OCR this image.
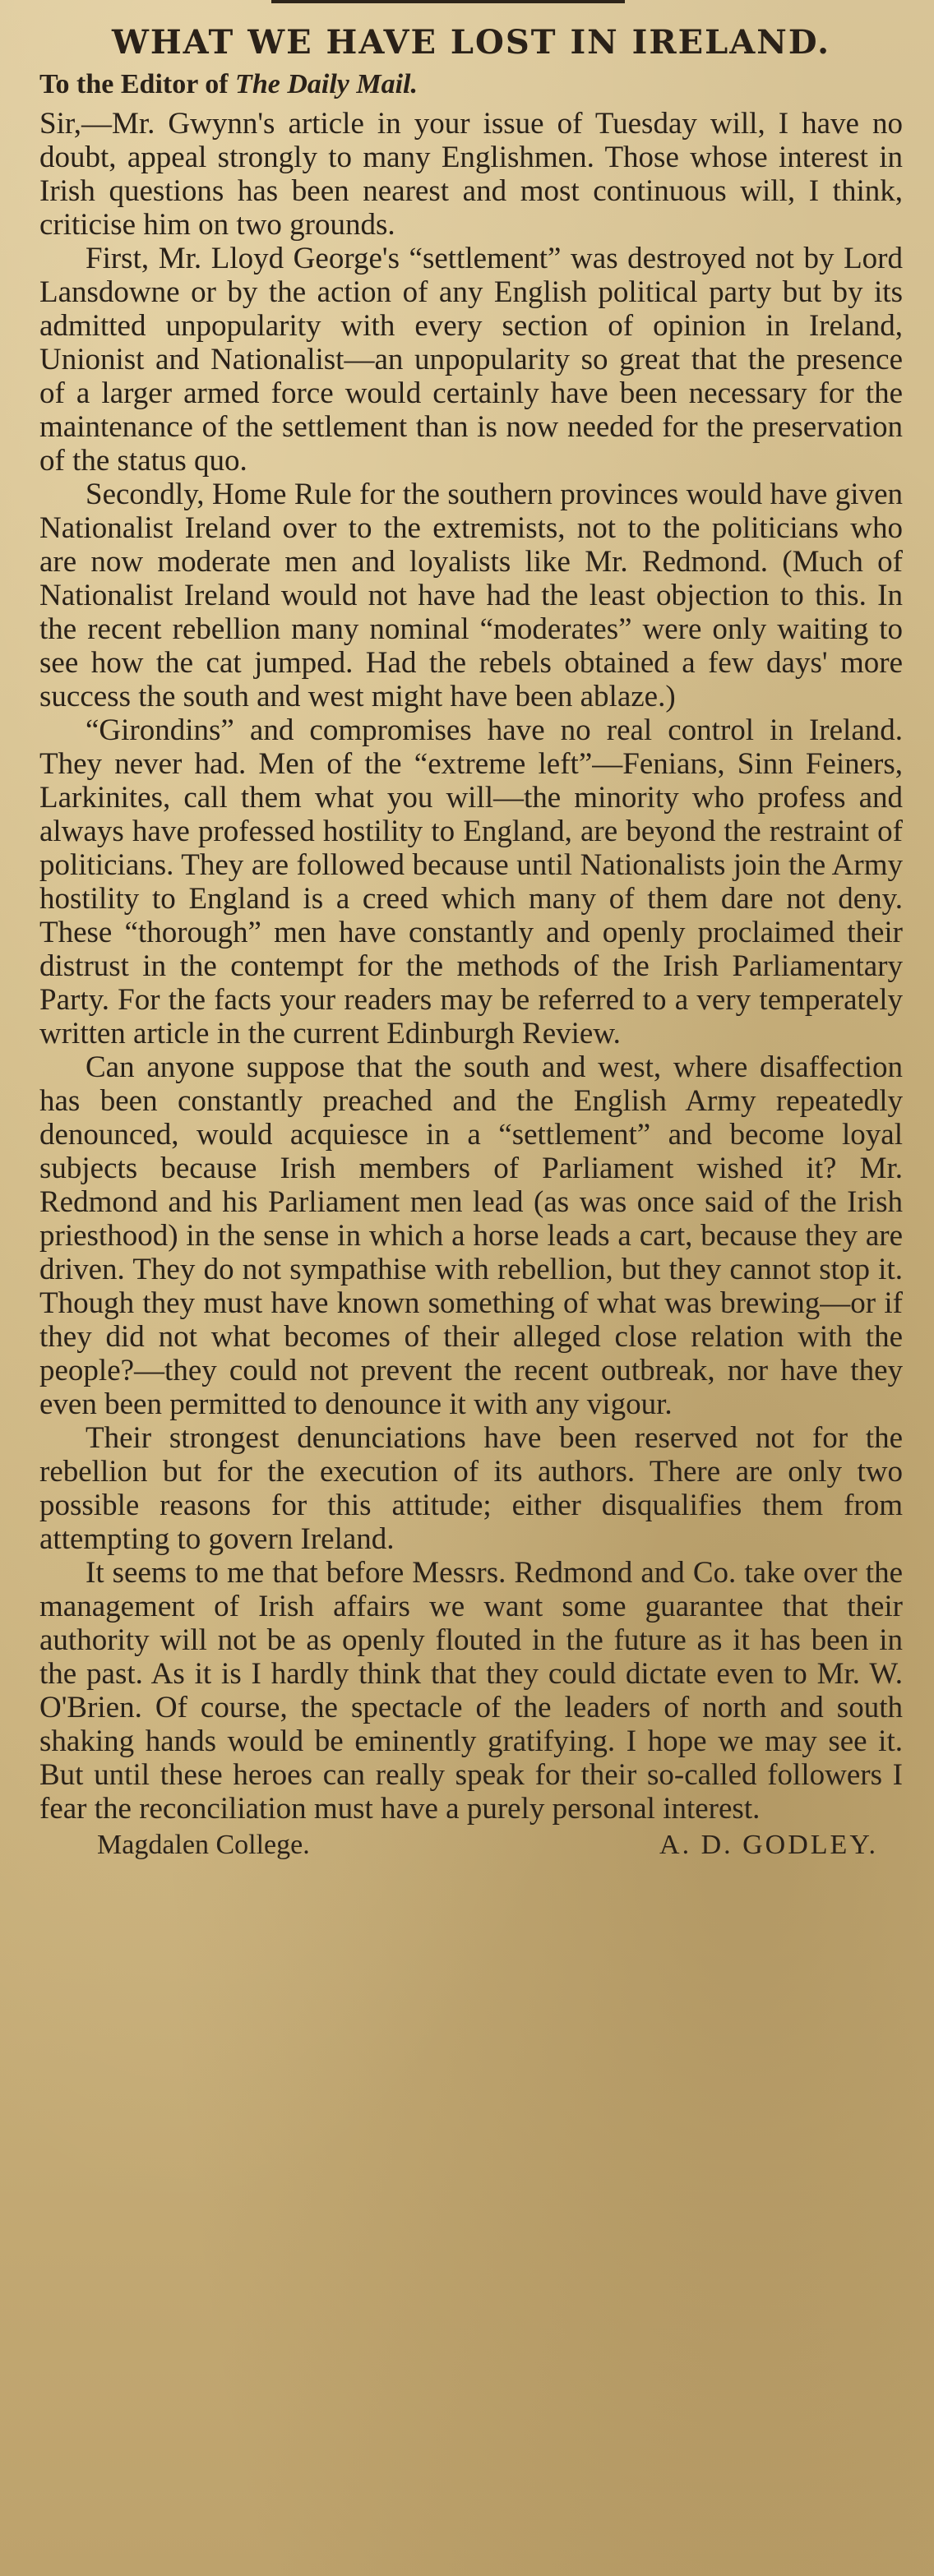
WHAT WE HAVE LOST IN IRELAND.

To the Editor of The Daily Mail.

Sir,—Mr. Gwynn's article in your issue of Tuesday will, I have no doubt, appeal strongly to many Englishmen. Those whose interest in Irish questions has been nearest and most continuous will, I think, criticise him on two grounds.

First, Mr. Lloyd George's “settlement” was destroyed not by Lord Lansdowne or by the action of any English political party but by its admitted unpopularity with every section of opinion in Ireland, Unionist and Nationalist—an unpopularity so great that the presence of a larger armed force would certainly have been necessary for the maintenance of the settlement than is now needed for the preservation of the status quo.

Secondly, Home Rule for the southern provinces would have given Nationalist Ireland over to the extremists, not to the politicians who are now moderate men and loyalists like Mr. Redmond. (Much of Nationalist Ireland would not have had the least objection to this. In the recent rebellion many nominal “moderates” were only waiting to see how the cat jumped. Had the rebels obtained a few days' more success the south and west might have been ablaze.)

“Girondins” and compromises have no real control in Ireland. They never had. Men of the “extreme left”—Fenians, Sinn Feiners, Larkinites, call them what you will—the minority who profess and always have professed hostility to England, are beyond the restraint of politicians. They are followed because until Nationalists join the Army hostility to England is a creed which many of them dare not deny. These “thorough” men have constantly and openly proclaimed their distrust in the contempt for the methods of the Irish Parliamentary Party. For the facts your readers may be referred to a very temperately written article in the current Edinburgh Review.

Can anyone suppose that the south and west, where disaffection has been constantly preached and the English Army repeatedly denounced, would acquiesce in a “settlement” and become loyal subjects because Irish members of Parliament wished it? Mr. Redmond and his Parliament men lead (as was once said of the Irish priesthood) in the sense in which a horse leads a cart, because they are driven. They do not sympathise with rebellion, but they cannot stop it. Though they must have known something of what was brewing—or if they did not what becomes of their alleged close relation with the people?—they could not prevent the recent outbreak, nor have they even been permitted to denounce it with any vigour.

Their strongest denunciations have been reserved not for the rebellion but for the execution of its authors. There are only two possible reasons for this attitude; either disqualifies them from attempting to govern Ireland.

It seems to me that before Messrs. Redmond and Co. take over the management of Irish affairs we want some guarantee that their authority will not be as openly flouted in the future as it has been in the past. As it is I hardly think that they could dictate even to Mr. W. O'Brien. Of course, the spectacle of the leaders of north and south shaking hands would be eminently gratifying. I hope we may see it. But until these heroes can really speak for their so-called followers I fear the reconciliation must have a purely personal interest.

Magdalen College.	A. D. GODLEY.
